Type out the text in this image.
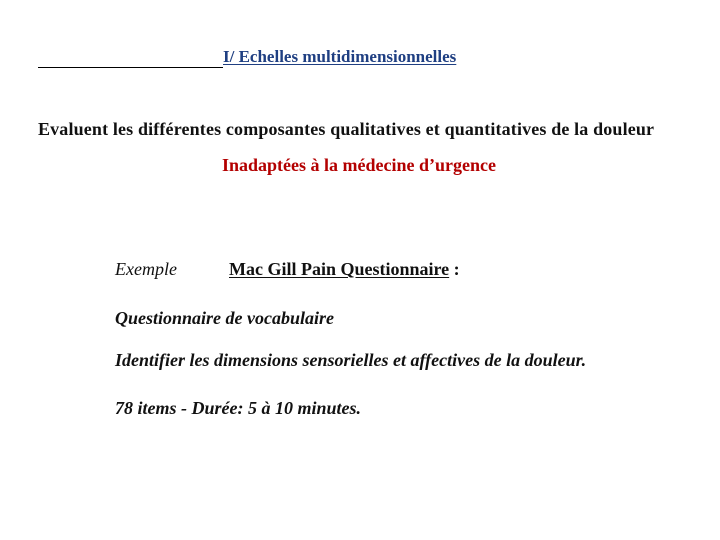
I/ Echelles multidimensionnelles
Evaluent les différentes composantes qualitatives et quantitatives de la douleur
Inadaptées à la médecine d’urgence
Exemple	Mac Gill Pain Questionnaire :
Questionnaire de vocabulaire
Identifier les dimensions sensorielles et affectives de la douleur.
78 items - Durée: 5 à 10 minutes.
